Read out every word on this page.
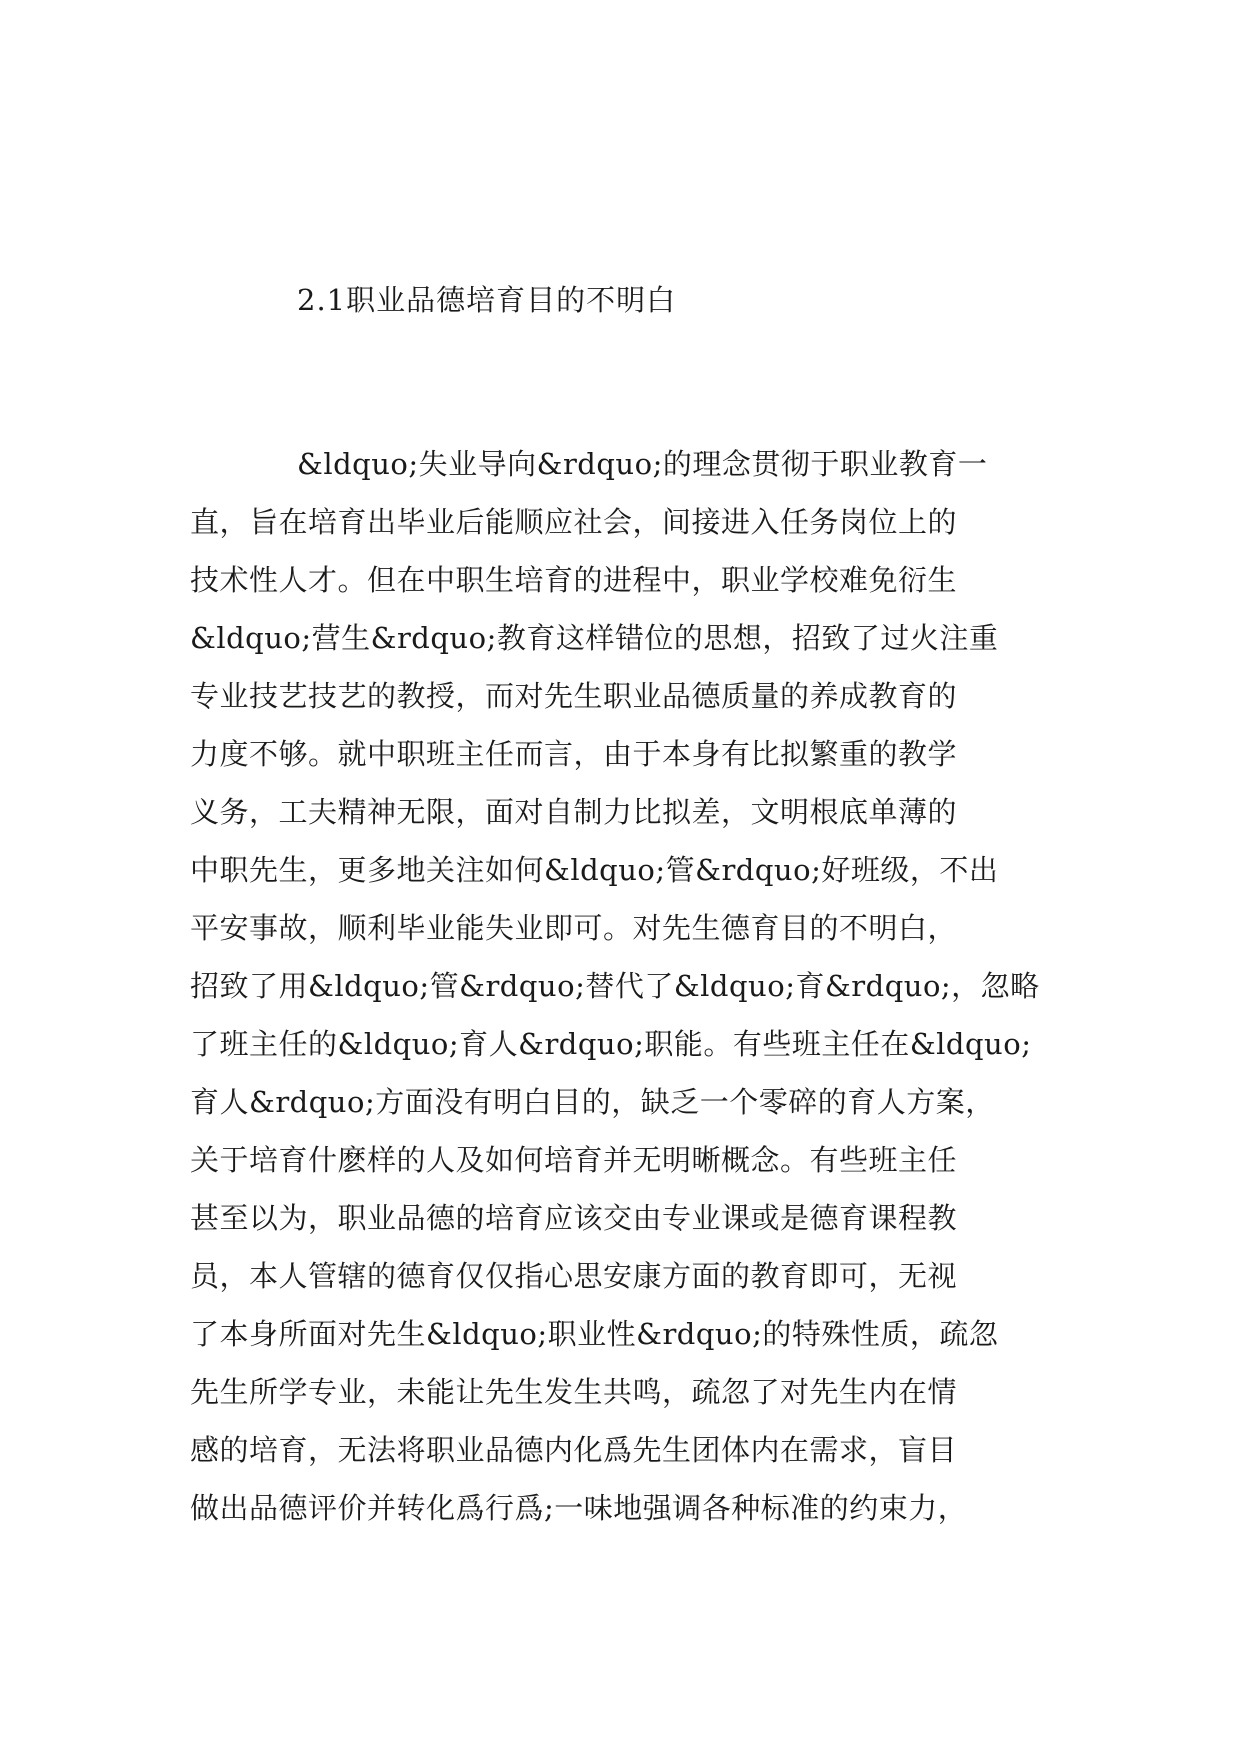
2.1职业品德培育目的不明白
&ldquo;失业导向&rdquo;的理念贯彻于职业教育一
直，旨在培育出毕业后能顺应社会，间接进入任务岗位上的
技术性人才。但在中职生培育的进程中，职业学校难免衍生
&ldquo;营生&rdquo;教育这样错位的思想，招致了过火注重
专业技艺技艺的教授，而对先生职业品德质量的养成教育的
力度不够。就中职班主任而言，由于本身有比拟繁重的教学
义务，工夫精神无限，面对自制力比拟差，文明根底单薄的
中职先生，更多地关注如何&ldquo;管&rdquo;好班级，不出
平安事故，顺利毕业能失业即可。对先生德育目的不明白，
招致了用&ldquo;管&rdquo;替代了&ldquo;育&rdquo;，忽略
了班主任的&ldquo;育人&rdquo;职能。有些班主任在&ldquo;
育人&rdquo;方面没有明白目的，缺乏一个零碎的育人方案，
关于培育什麽样的人及如何培育并无明晰概念。有些班主任
甚至以为，职业品德的培育应该交由专业课或是德育课程教
员，本人管辖的德育仅仅指心思安康方面的教育即可，无视
了本身所面对先生&ldquo;职业性&rdquo;的特殊性质，疏忽
先生所学专业，未能让先生发生共鸣，疏忽了对先生内在情
感的培育，无法将职业品德内化爲先生团体内在需求，盲目
做出品德评价并转化爲行爲;一味地强调各种标准的约束力，
